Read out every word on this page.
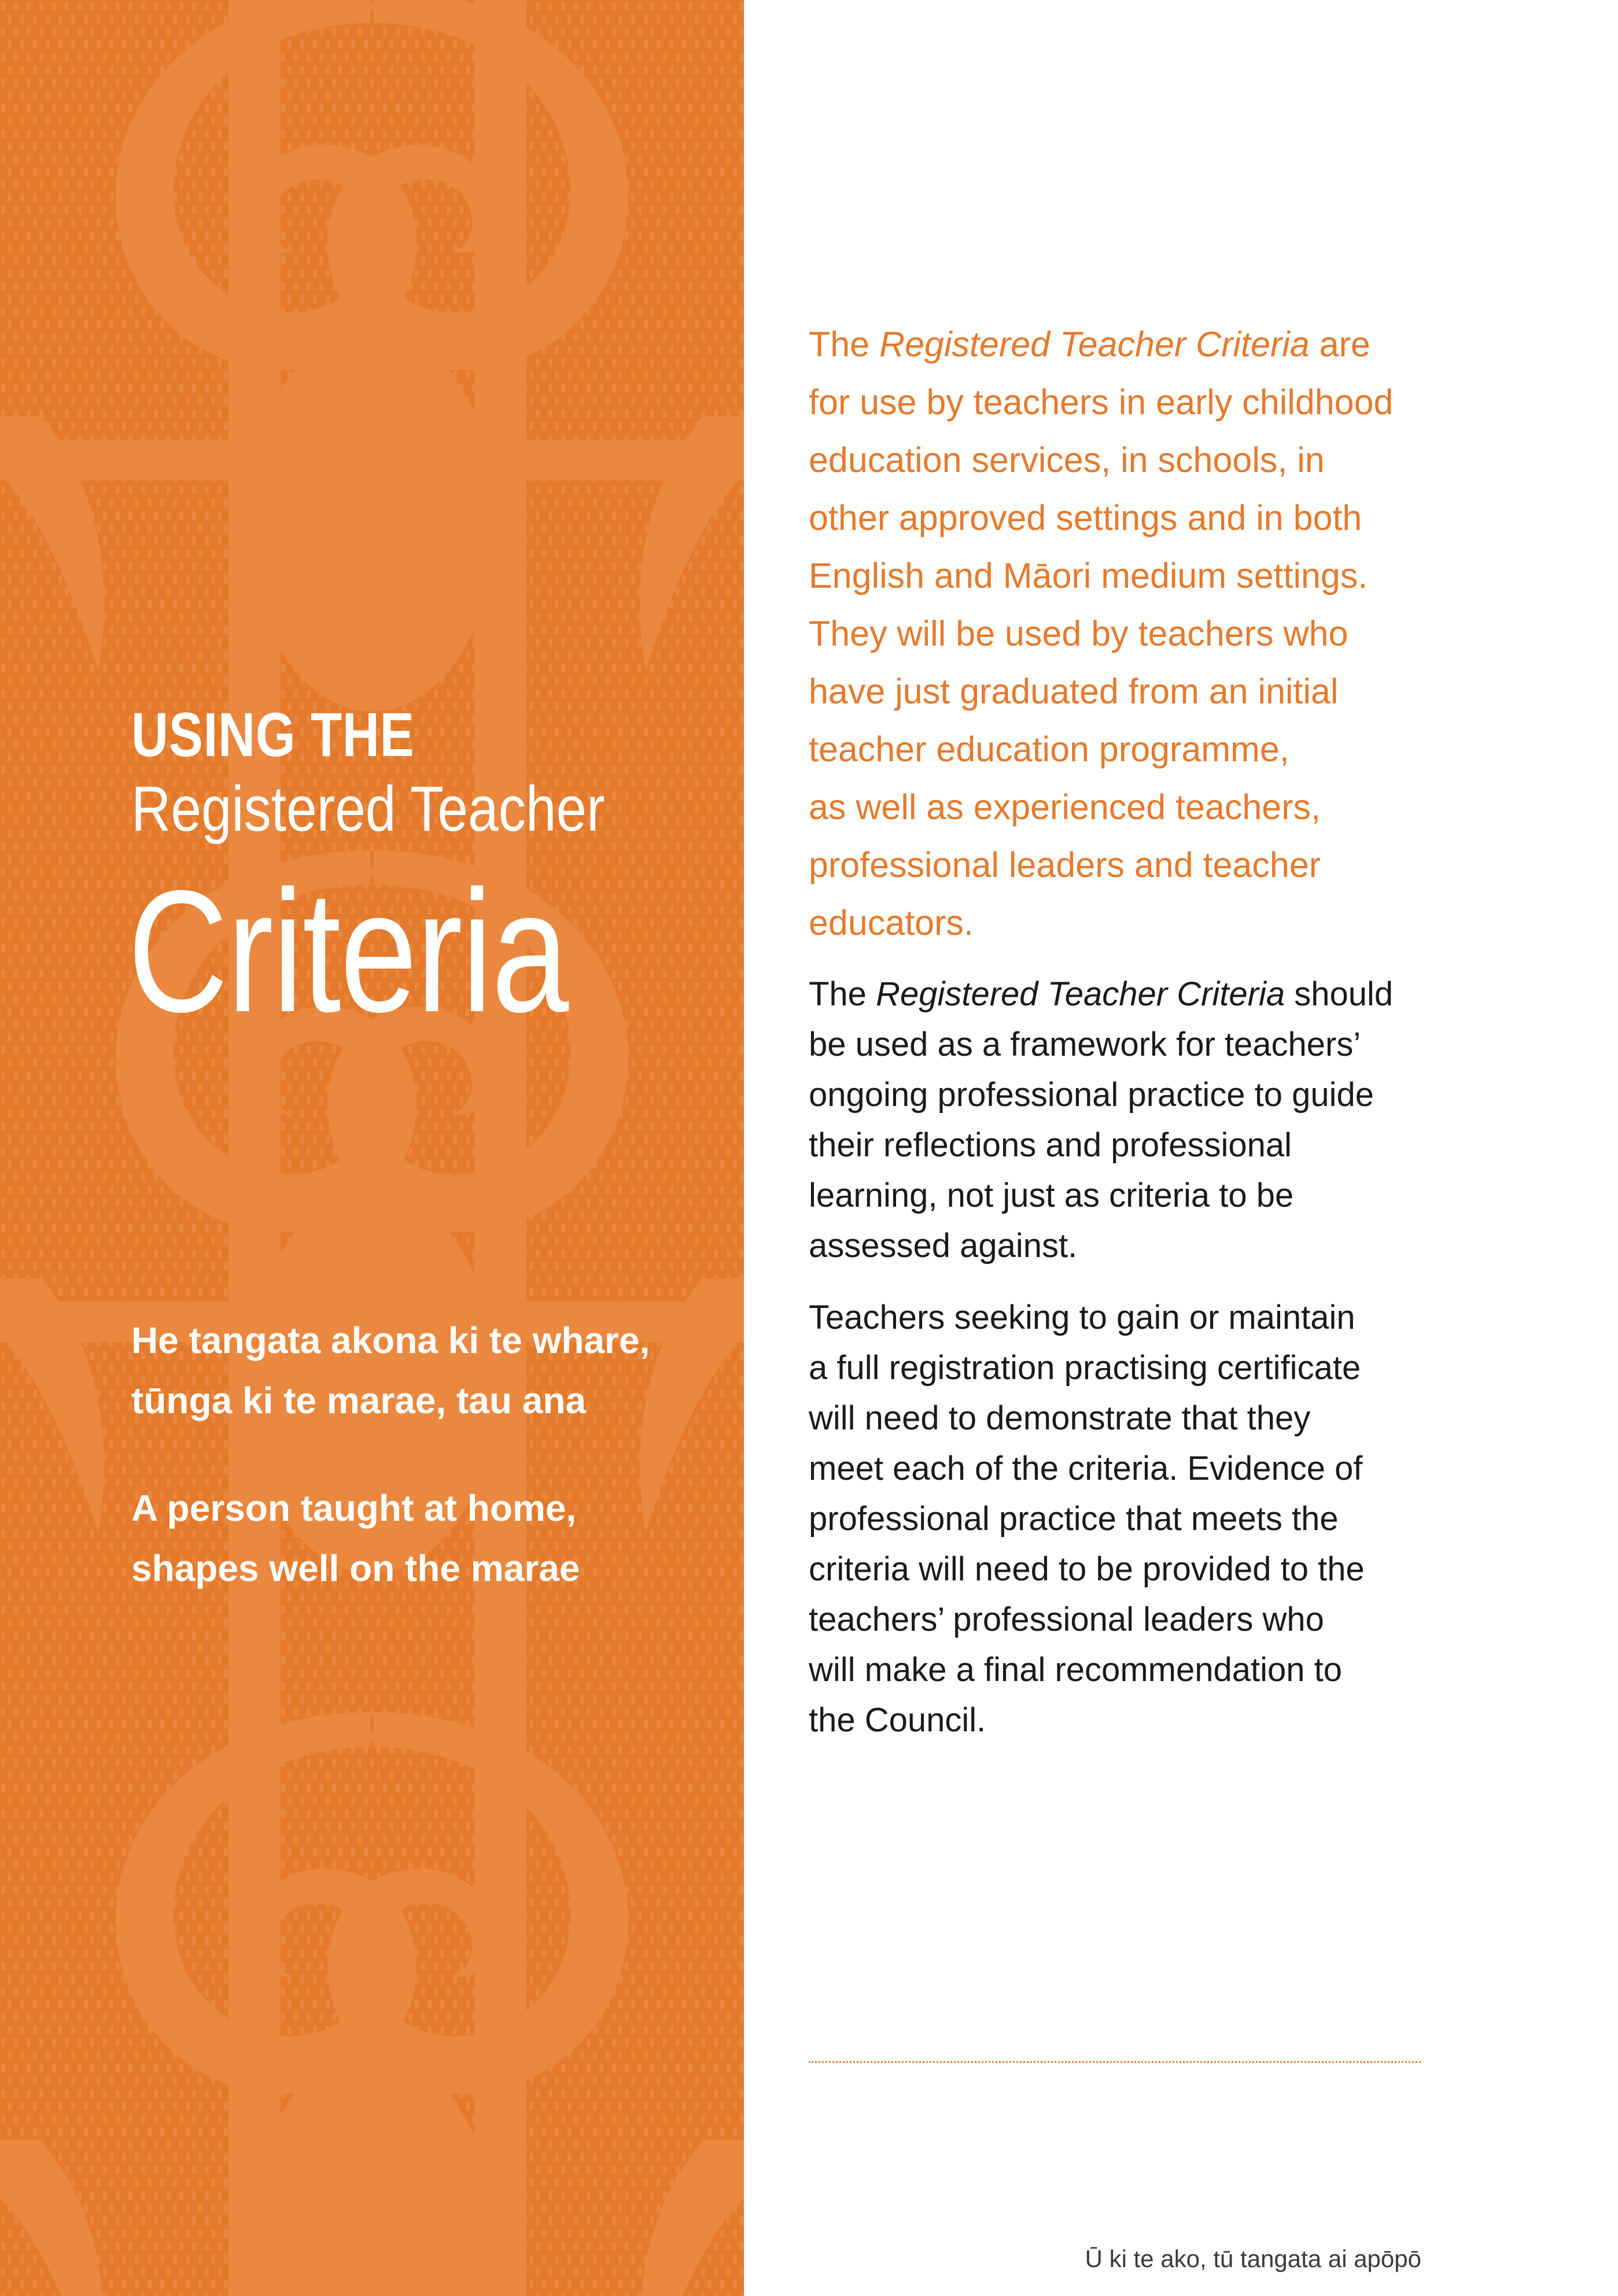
USING THE
Registered Teacher
Criteria
He tangata akona ki te whare,
tūnga ki te marae, tau ana
A person taught at home,
shapes well on the marae
The Registered Teacher Criteria are
for use by teachers in early childhood
education services, in schools, in
other approved settings and in both
English and Māori medium settings.
They will be used by teachers who
have just graduated from an initial
teacher education programme,
as well as experienced teachers,
professional leaders and teacher
educators.
The Registered Teacher Criteria should
be used as a framework for teachers’
ongoing professional practice to guide
their reflections and professional
learning, not just as criteria to be
assessed against.
Teachers seeking to gain or maintain
a full registration practising certificate
will need to demonstrate that they
meet each of the criteria. Evidence of
professional practice that meets the
criteria will need to be provided to the
teachers’ professional leaders who
will make a final recommendation to
the Council.
Ū ki te ako, tū tangata ai apōpō
